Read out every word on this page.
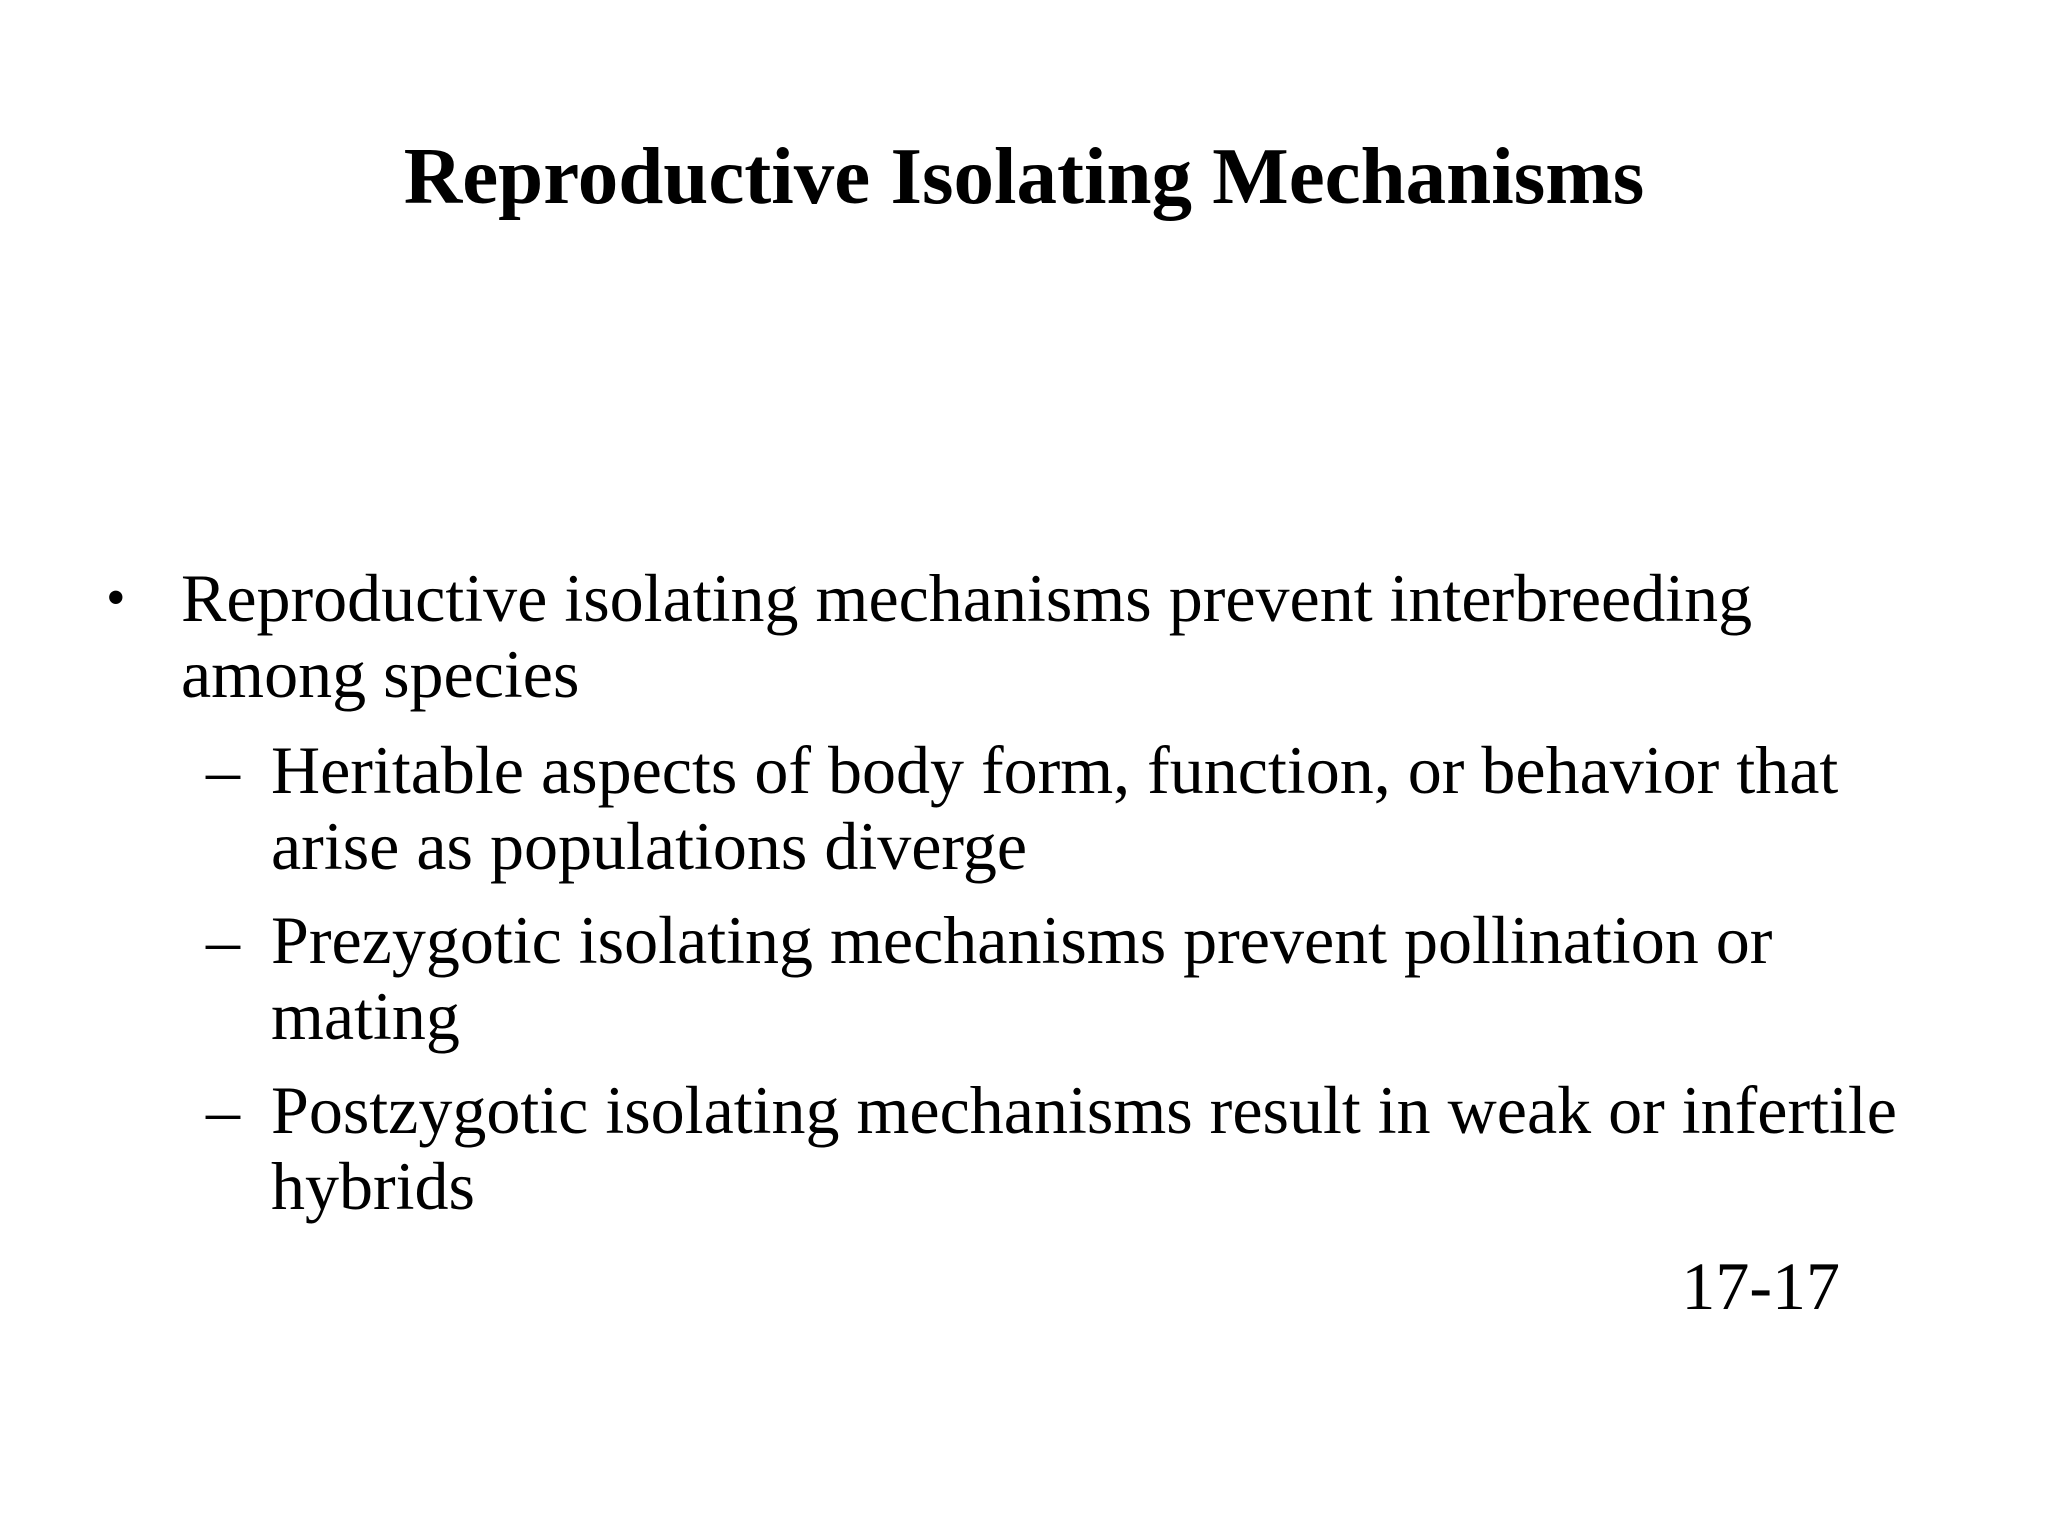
Reproductive Isolating Mechanisms
• Reproductive isolating mechanisms prevent interbreeding among species
– Heritable aspects of body form, function, or behavior that arise as populations diverge
– Prezygotic isolating mechanisms prevent pollination or mating
– Postzygotic isolating mechanisms result in weak or infertile hybrids
17-17
